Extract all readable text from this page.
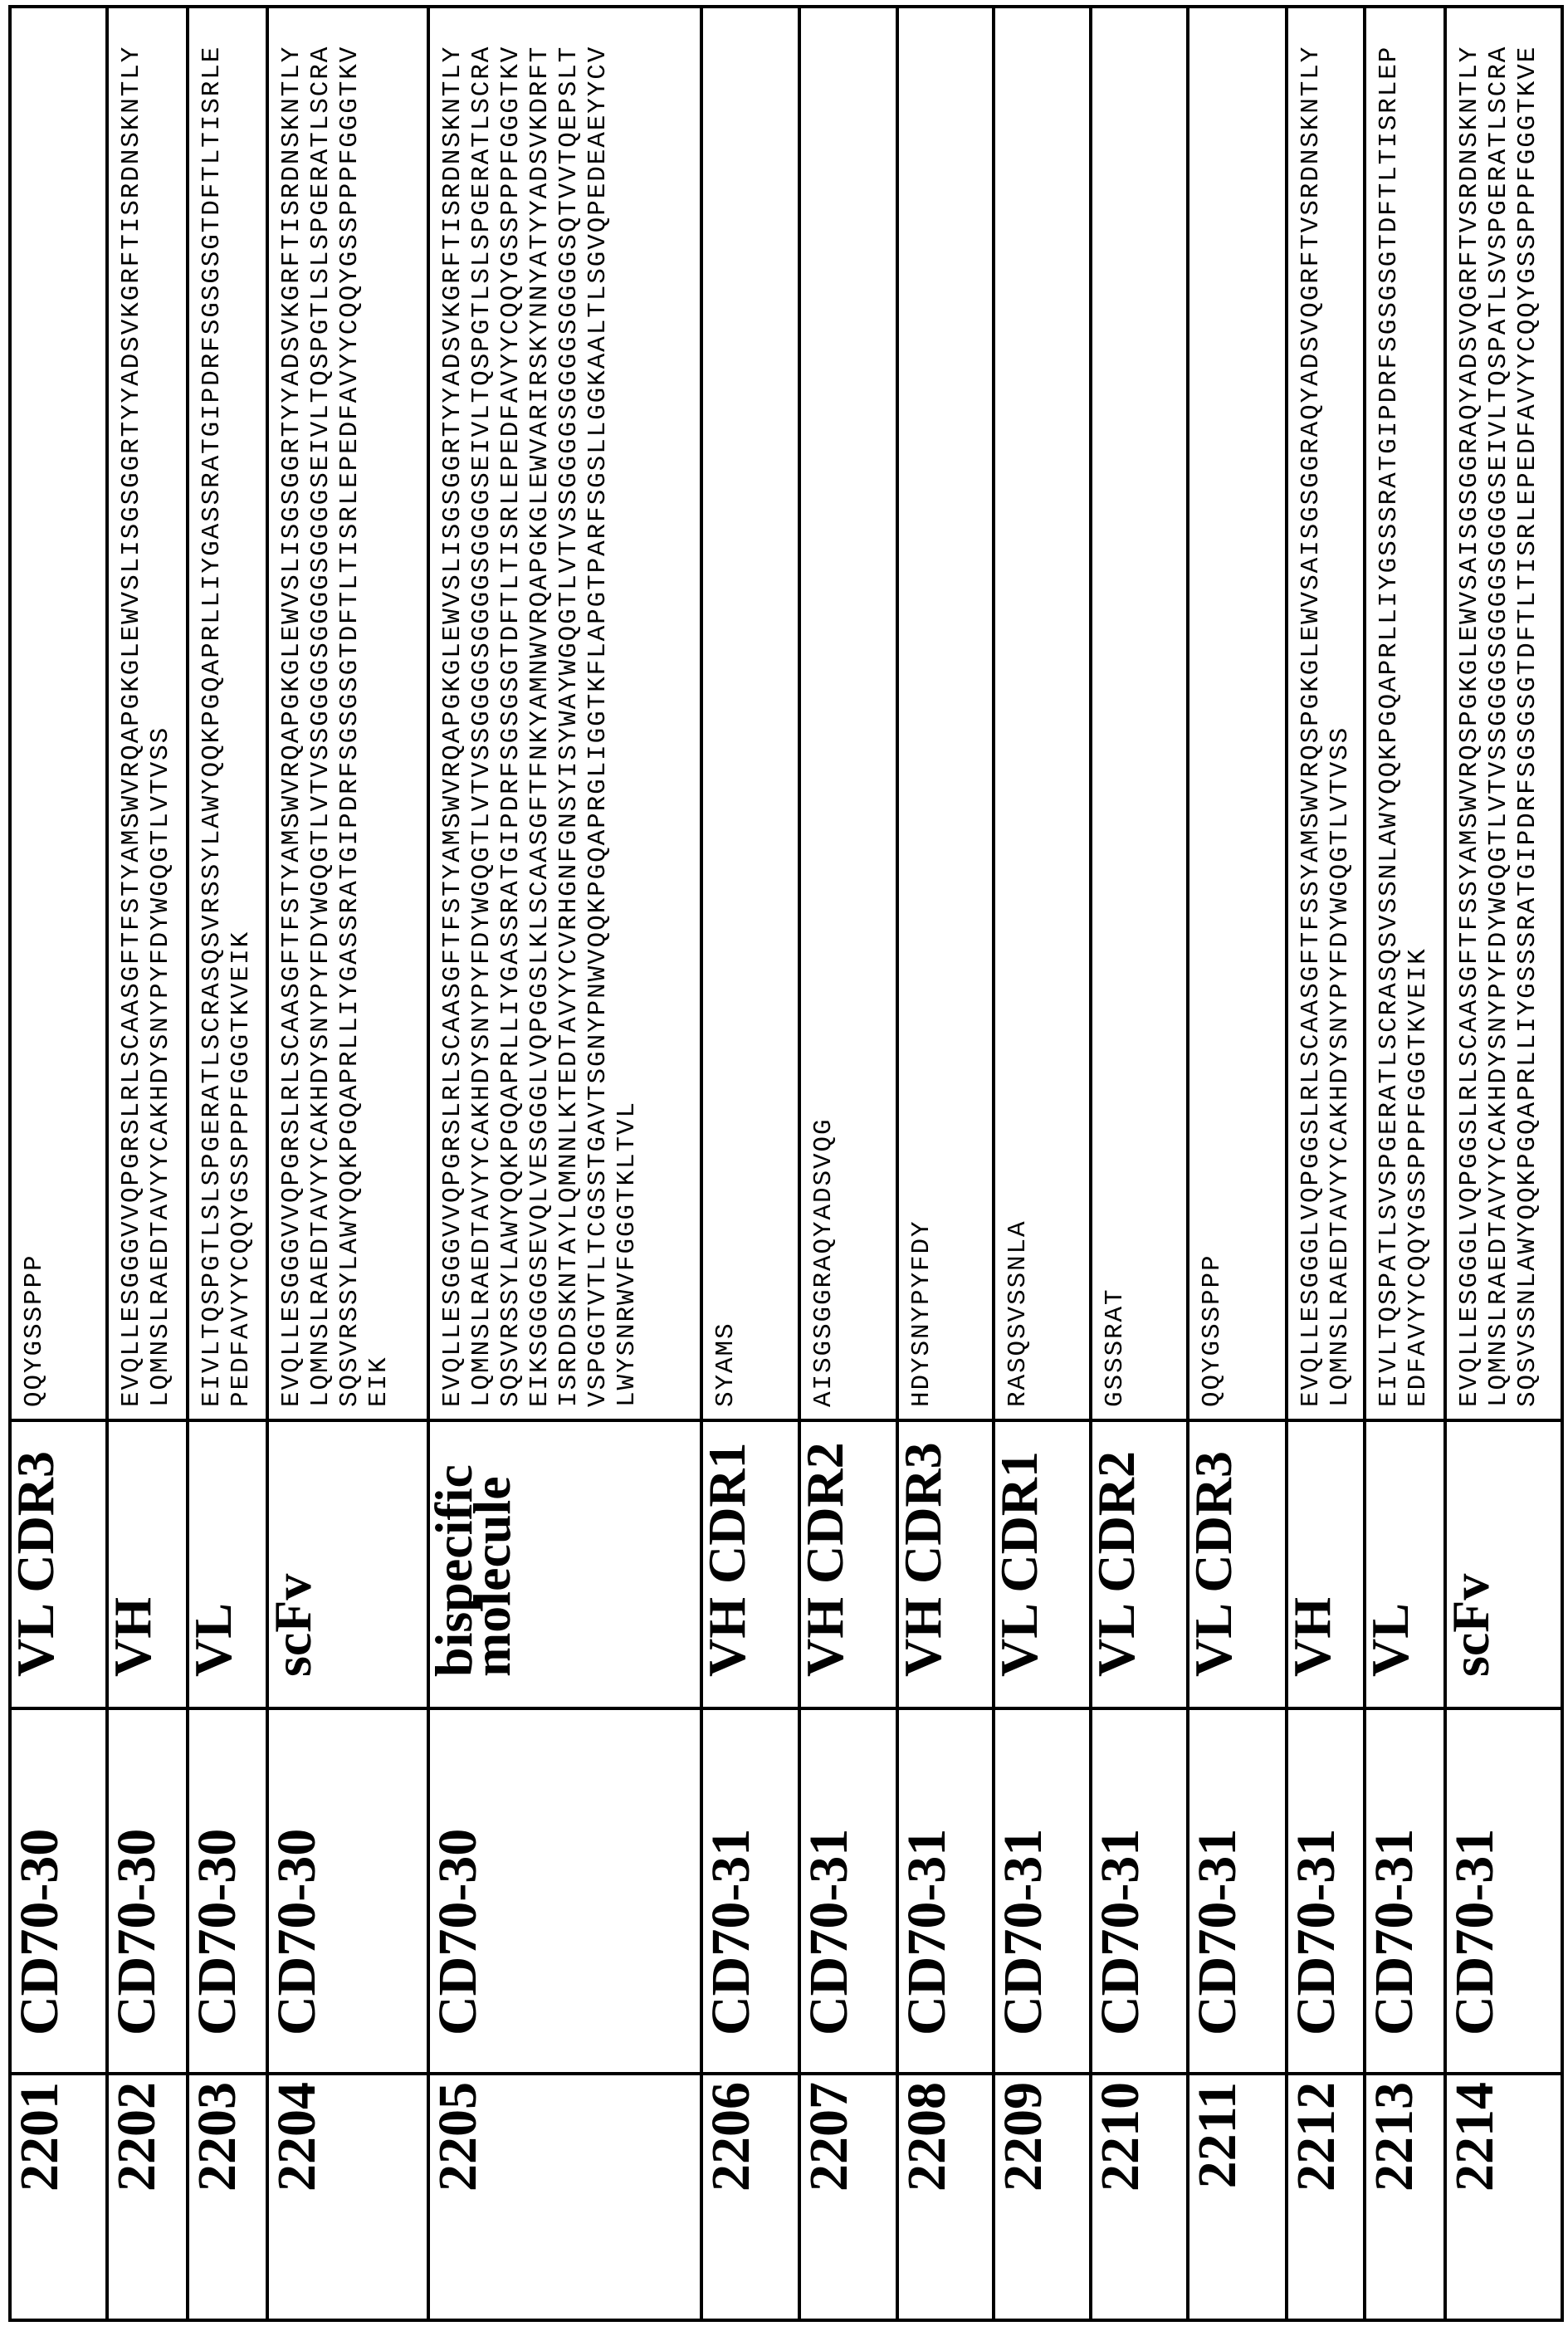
2201	CD70-30	VL CDR3	
QQYGSSPPP

2202	CD70-30	VH	
EVQLLESGGGVVQPGRSLRLSCAASGFTFSTYAMSWVRQAPGKGLEWVSLISGSGGRTYYADSVKGRFTISRDNSKNTLY LQMNSLRAEDTAVYYCAKHDYSNYPYFDYWGQGTLVTVSS

2203	CD70-30	VL	
EIVLTQSPGTLSLSPGERATLSCRASQSVRSSYLAWYQQKPGQAPRLLIYGASSRATGIPDRFSGSGSGTDFTLTISRLE PEDFAVYYCQQYGSSPPPFGGGTKVEIK

2204	CD70-30	scFv	
EVQLLESGGGVVQPGRSLRLSCAASGFTFSTYAMSWVRQAPGKGLEWVSLISGSGGRTYYADSVKGRFTISRDNSKNTLY LQMNSLRAEDTAVYYCAKHDYSNYPYFDYWGQGTLVTVSSGGGGSGGGGSGGGGSEIVLTQSPGTLSLSPGERATLSCRA SQSVRSSYLAWYQQKPGQAPRLLIYGASSRATGIPDRFSGSGSGTDFTLTISRLEPEDFAVYYCQQYGSSPPPFGGGTKV EIK

2205	CD70-30	bispecific molecule	
EVQLLESGGGVVQPGRSLRLSCAASGFTFSTYAMSWVRQAPGKGLEWVSLISGSGGRTYYADSVKGRFTISRDNSKNTLY LQMNSLRAEDTAVYYCAKHDYSNYPYFDYWGQGTLVTVSSGGGGSGGGGSGGGGSEIVLTQSPGTLSLSPGERATLSCRA SQSVRSSYLAWYQQKPGQAPRLLIYGASSRATGIPDRFSGSGSGTDFTLTISRLEPEDFAVYYCQQYGSSPPPFGGGTKV EIKSGGGGSEVQLVESGGGLVQPGGSLKLSCAASGFTFNKYAMNWVRQAPGKGLEWVARIRSKYNNYATYYADSVKDRFT ISRDDSKNTAYLQMNNLKTEDTAVYYCVRHGNFGNSYISYWAYWGQGTLVTVSSGGGGSGGGGSGGGGSQTVVTQEPSLT VSPGGTVTLTCGSSTGAVTSGNYPNWVQQKPGQAPRGLIGGTKFLAPGTPARFSGSLLGGKAALTLSGVQPEDEAEYYCV LWYSNRWVFGGGTKLTVL

2206	CD70-31	VH CDR1	
SYAMS

2207	CD70-31	VH CDR2	
AISGSGGRAQYADSVQG

2208	CD70-31	VH CDR3	
HDYSNYPYFDY

2209	CD70-31	VL CDR1	
RASQSVSSNLA

2210	CD70-31	VL CDR2	
GSSSRAT

2211	CD70-31	VL CDR3	
QQYGSSPPP

2212	CD70-31	VH	
EVQLLESGGGLVQPGGSLRLSCAASGFTFSSYAMSWVRQSPGKGLEWVSAISGSGGRAQYADSVQGRFTVSRDNSKNTLY LQMNSLRAEDTAVYYCAKHDYSNYPYFDYWGQGTLVTVSS

2213	CD70-31	VL	
EIVLTQSPATLSVSPGERATLSCRASQSVSSNLAWYQQKPGQAPRLLIYGSSSRATGIPDRFSGSGSGTDFTLTISRLEP EDFAVYYCQQYGSSPPPFGGGTKVEIK

2214	CD70-31	scFv	
EVQLLESGGGLVQPGGSLRLSCAASGFTFSSYAMSWVRQSPGKGLEWVSAISGSGGRAQYADSVQGRFTVSRDNSKNTLY LQMNSLRAEDTAVYYCAKHDYSNYPYFDYWGQGTLVTVSSGGGGSGGGGSGGGGSEIVLTQSPATLSVSPGERATLSCRA SQSVSSNLAWYQQKPGQAPRLLIYGSSSRATGIPDRFSGSGSGTDFTLTISRLEPEDFAVYYCQQYGSSPPPFGGGTKVE
